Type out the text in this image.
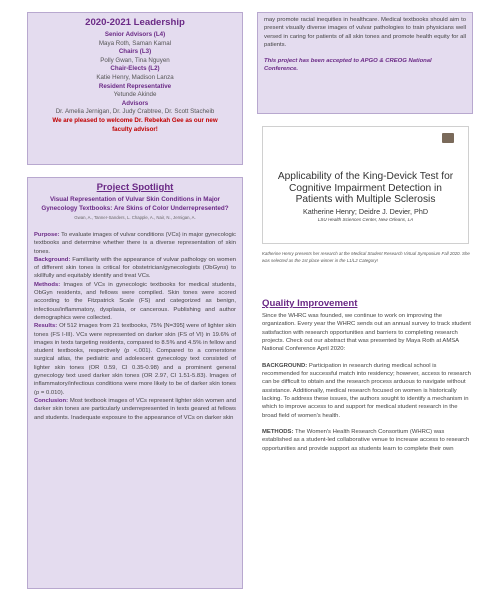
2020-2021 Leadership
Senior Advisors (L4)
Maya Roth, Saman Kamal
Chairs (L3)
Polly Gwan, Tina Nguyen
Chair-Elects (L2)
Katie Henry, Madison Lanza
Resident Representative
Yetunde Akinde
Advisors
Dr. Amelia Jernigan, Dr. Judy Crabtree, Dr. Scott Stacheib
We are pleased to welcome Dr. Rebekah Gee as our new
faculty advisor!
Project Spotlight
Visual Representation of Vulvar Skin Conditions in Major Gynecology Textbooks: Are Skins of Color Underrepresented?
Gwan, A., Tanner-Sanders, L. Chapple, A., Nair, N., Jernigan, A.

Purpose: To evaluate images of vulvar conditions (VCs) in major gynecologic textbooks and determine whether there is a diverse representation of skin tones.

Background: Familiarity with the appearance of vulvar pathology on women of different skin tones is critical for obstetrician/gynecologists (ObGyns) to skillfully and equitably identify and treat VCs.

Methods: Images of VCs in gynecologic textbooks for medical students, ObGyn residents, and fellows were compiled. Skin tones were scored according to the Fitzpatrick Scale (FS) and categorized as benign, infectious/inflammatory, dysplasia, or cancerous. Publishing and author demographics were collected.

Results: Of 512 images from 21 textbooks, 75% [N=395] were of lighter skin tones (FS I-III). VCs were represented on darker skin (FS of VI) in 19.6% of images in texts targeting residents, compared to 8.5% and 4.5% in fellow and student textbooks, respectively (p <.001). Compared to a cornerstone surgical atlas, the pediatric and adolescent gynecology text consisted of lighter skin tones (OR 0.59, CI 0.35-0.98) and a prominent general gynecology text used darker skin tones (OR 2.97, CI 1.51-5.83). Images of inflammatory/infectious conditions were more likely to be of darker skin tones (p = 0.010).

Conclusion: Most textbook images of VCs represent lighter skin women and darker skin tones are particularly underrepresented in texts geared at fellows and students. Inadequate exposure to the appearance of VCs on darker skin

may promote racial inequities in healthcare. Medical textbooks should aim to present visually diverse images of vulvar pathologies to train physicians well versed in caring for patients of all skin tones and promote health equity for all patients.

This project has been accepted to APGO & CREOG National Conference.

Applicability of the King-Devick Test for Cognitive Impairment Detection in Patients with Multiple Sclerosis
Katherine Henry; Deidre J. Devier, PhD
LSU Health Sciences Center, New Orleans, LA
Katherine Henry presents her research at the Medical Student Research Virtual Symposium Fall 2020. She was selected as the 1st place winner in the L1/L2 Category!
Quality Improvement

Since the WHRC was founded, we continue to work on improving the organization. Every year the WHRC sends out an annual survey to track student satisfaction with research opportunities and barriers to completing research projects. Check out our abstract that was presented by Maya Roth at AMSA National Conference April 2020:

BACKGROUND: Participation in research during medical school is recommended for successful match into residency; however, access to research can be difficult to obtain and the research process arduous to navigate without assistance. Additionally, medical research focused on women is historically lacking. To address these issues, the authors sought to identify a mechanism in which to improve access to and support for medical student research in the broad field of women's health.

METHODS: The Women's Health Research Consortium (WHRC) was established as a student-led collaborative venue to increase access to research opportunities and provide support as students learn to complete their own
